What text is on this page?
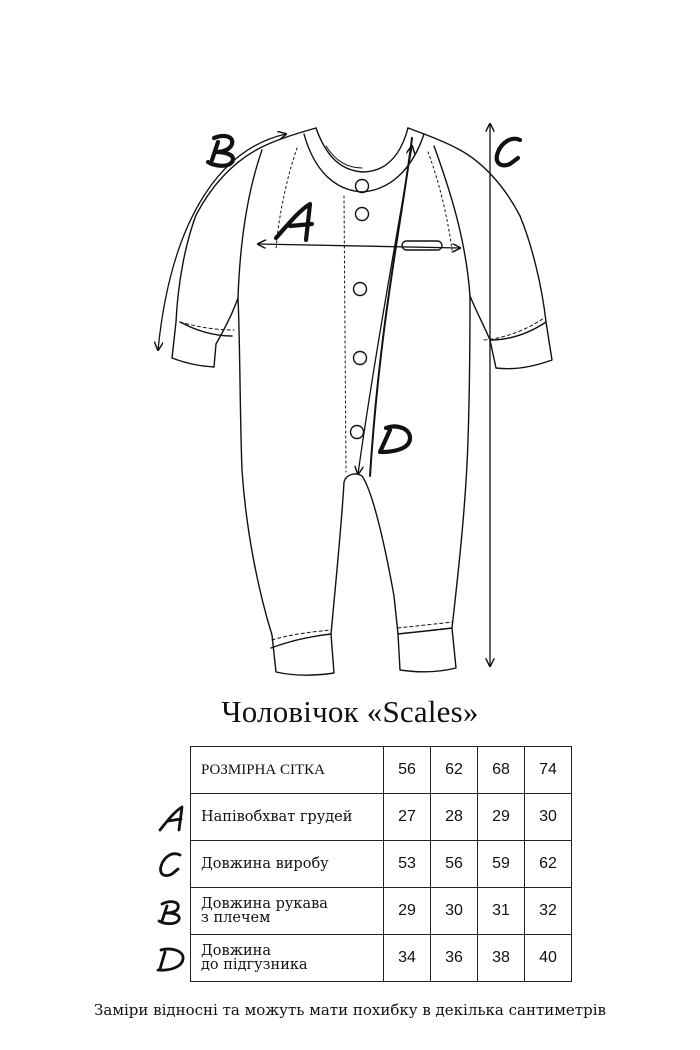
Чоловічок «Scales»
РОЗМІРНА СІТКА	56	62	68	74
Напівобхват грудей	27	28	29	30
Довжина виробу	53	56	59	62
Довжина рукава
з плечем	29	30	31	32
Довжина
до підгузника	34	36	38	40
Заміри відносні та можуть мати похибку в декілька сантиметрів
